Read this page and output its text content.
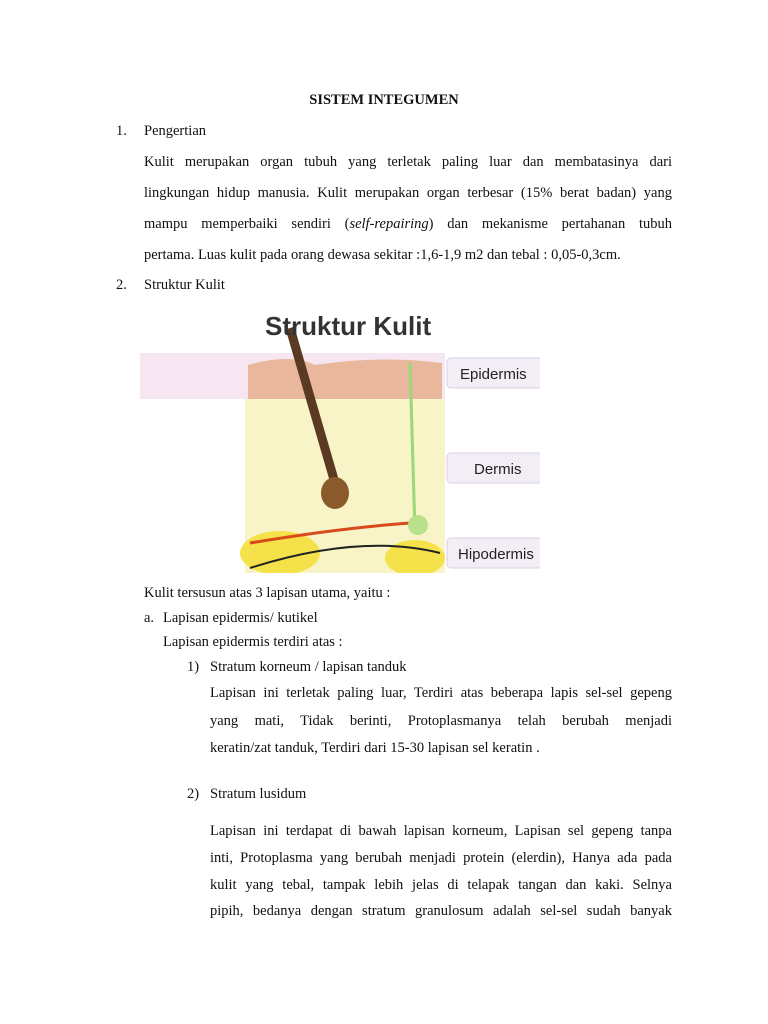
SISTEM INTEGUMEN
1. Pengertian
Kulit merupakan organ tubuh yang terletak paling luar dan membatasinya dari
lingkungan hidup manusia. Kulit merupakan organ terbesar (15% berat badan) yang
mampu memperbaiki sendiri (self-repairing) dan mekanisme pertahanan tubuh
pertama. Luas kulit pada orang dewasa sekitar :1,6-1,9 m2 dan tebal : 0,05-0,3cm.
2. Struktur Kulit
Struktur Kulit
Epidermis
Dermis
Hipodermis
Kulit tersusun atas 3 lapisan utama, yaitu :
a. Lapisan epidermis/ kutikel
Lapisan epidermis terdiri atas :
1) Stratum korneum / lapisan tanduk
Lapisan ini terletak paling luar, Terdiri atas beberapa lapis sel-sel gepeng
yang mati, Tidak berinti, Protoplasmanya telah berubah menjadi
keratin/zat tanduk, Terdiri dari 15-30 lapisan sel keratin .
2) Stratum lusidum
Lapisan ini terdapat di bawah lapisan korneum, Lapisan sel gepeng tanpa
inti, Protoplasma yang berubah menjadi protein (elerdin), Hanya ada pada
kulit yang tebal, tampak lebih jelas di telapak tangan dan kaki. Selnya
pipih, bedanya dengan stratum granulosum adalah sel-sel sudah banyak
